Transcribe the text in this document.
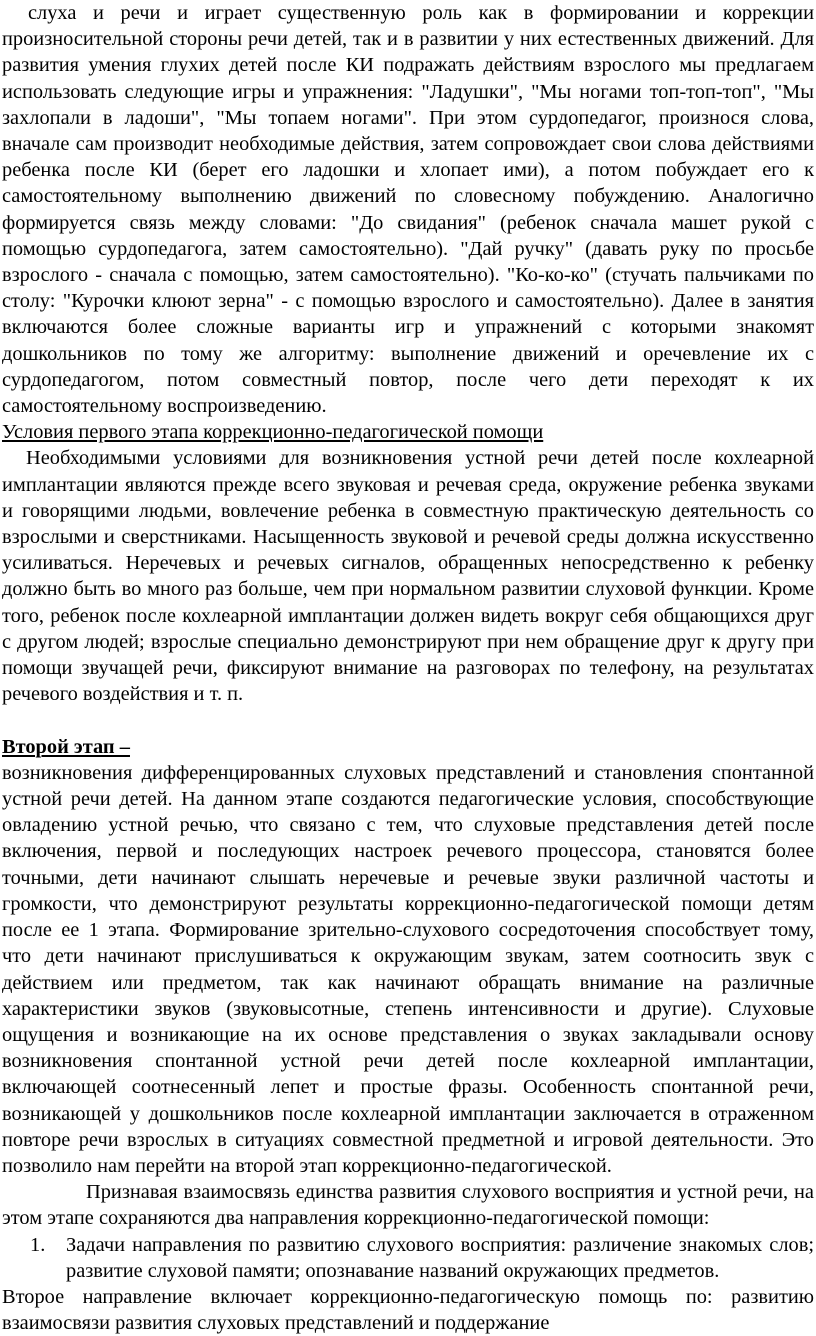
слуха и речи и играет существенную роль как в формировании и коррекции

произносительной стороны речи детей, так и в развитии у них естественных движений. Для

развития умения глухих детей после КИ подражать действиям взрослого мы предлагаем

использовать следующие игры и упражнения: "Ладушки", "Мы ногами топ-топ-топ", "Мы

захлопали в ладоши", "Мы топаем ногами". При этом сурдопедагог, произнося слова,

вначале сам производит необходимые действия, затем сопровождает свои слова действиями

ребенка после КИ (берет его ладошки и хлопает ими), а потом побуждает его к

самостоятельному выполнению движений по словесному побуждению. Аналогично

формируется связь между словами: "До свидания" (ребенок сначала машет рукой с

помощью сурдопедагога, затем самостоятельно). "Дай ручку" (давать руку по просьбе

взрослого - сначала с помощью, затем самостоятельно). "Ко-ко-ко" (стучать пальчиками по

столу: "Курочки клюют зерна" - с помощью взрослого и самостоятельно). Далее в занятия

включаются более сложные варианты игр и упражнений с которыми знакомят

дошкольников по тому же алгоритму: выполнение движений и оречевление их с

сурдопедагогом, потом совместный повтор, после чего дети переходят к их

самостоятельному воспроизведению.

Условия первого этапа коррекционно-педагогической помощи

Необходимыми условиями для возникновения устной речи детей после кохлеарной

имплантации являются прежде всего звуковая и речевая среда, окружение ребенка звуками

и говорящими людьми, вовлечение ребенка в совместную практическую деятельность со

взрослыми и сверстниками. Насыщенность звуковой и речевой среды должна искусственно

усиливаться. Неречевых и речевых сигналов, обращенных непосредственно к ребенку

должно быть во много раз больше, чем при нормальном развитии слуховой функции. Кроме

того, ребенок после кохлеарной имплантации должен видеть вокруг себя общающихся друг

с другом людей; взрослые специально демонстрируют при нем обращение друг к другу при

помощи звучащей речи, фиксируют внимание на разговорах по телефону, на результатах

речевого воздействия и т. п.

Второй этап –

возникновения дифференцированных слуховых представлений и становления спонтанной

устной речи детей. На данном этапе создаются педагогические условия, способствующие

овладению устной речью, что связано с тем, что слуховые представления детей после

включения, первой и последующих настроек речевого процессора, становятся более

точными, дети начинают слышать неречевые и речевые звуки различной частоты и

громкости, что демонстрируют результаты коррекционно-педагогической помощи детям

после ее 1 этапа. Формирование зрительно-слухового сосредоточения способствует тому,

что дети начинают прислушиваться к окружающим звукам, затем соотносить звук с

действием или предметом, так как начинают обращать внимание на различные

характеристики звуков (звуковысотные, степень интенсивности и другие). Слуховые

ощущения и возникающие на их основе представления о звуках закладывали основу

возникновения спонтанной устной речи детей после кохлеарной имплантации,

включающей соотнесенный лепет и простые фразы. Особенность спонтанной речи,

возникающей у дошкольников после кохлеарной имплантации заключается в отраженном

повторе речи взрослых в ситуациях совместной предметной и игровой деятельности. Это

позволило нам перейти на второй этап коррекционно-педагогической.

Признавая взаимосвязь единства развития слухового восприятия и устной речи, на

этом этапе сохраняются два направления коррекционно-педагогической помощи:

1. Задачи направления по развитию слухового восприятия: различение знакомых слов;

развитие слуховой памяти; опознавание названий окружающих предметов.

Второе направление включает коррекционно-педагогическую помощь по: развитию

взаимосвязи развития слуховых представлений и поддержание
